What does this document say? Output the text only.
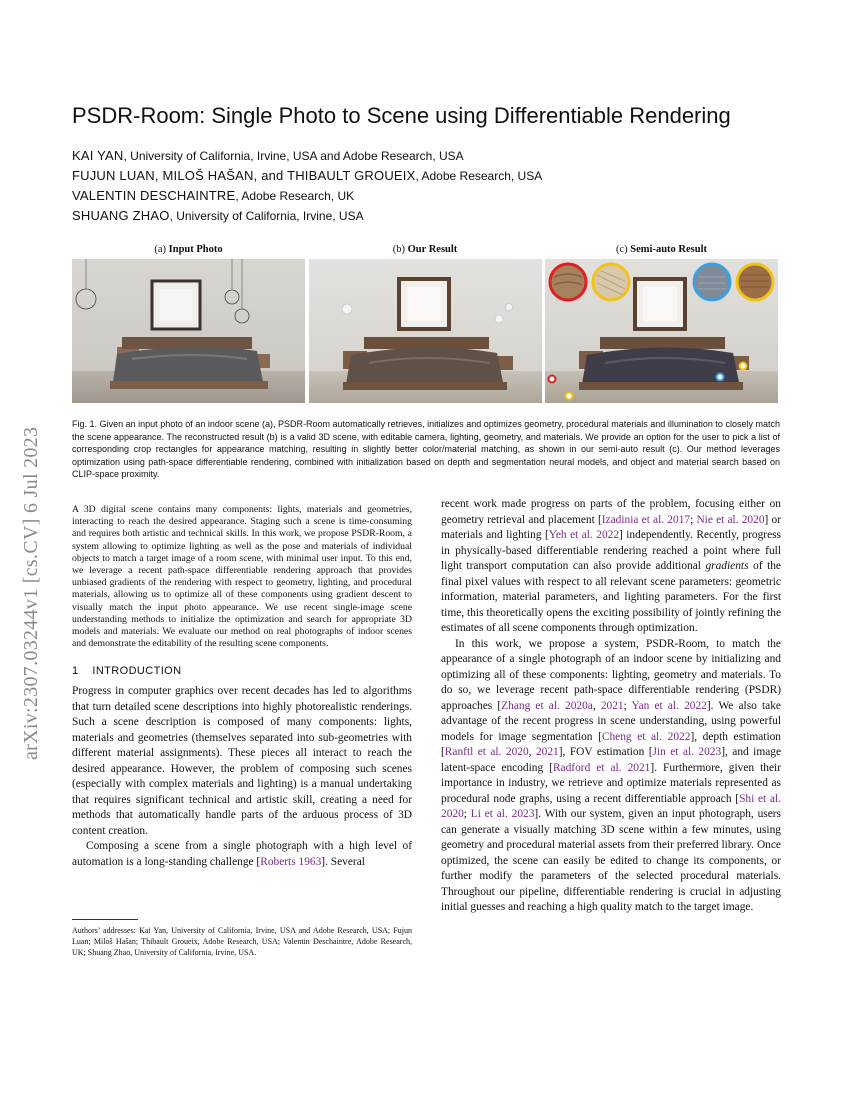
arXiv:2307.03244v1 [cs.CV] 6 Jul 2023
PSDR-Room: Single Photo to Scene using Differentiable Rendering
KAI YAN, University of California, Irvine, USA and Adobe Research, USA
FUJUN LUAN, MILOŠ HAŠAN, and THIBAULT GROUEIX, Adobe Research, USA
VALENTIN DESCHAINTRE, Adobe Research, UK
SHUANG ZHAO, University of California, Irvine, USA
(a) Input Photo	(b) Our Result	(c) Semi-auto Result
Fig. 1. Given an input photo of an indoor scene (a), PSDR-Room automatically retrieves, initializes and optimizes geometry, procedural materials and illumination to closely match the scene appearance. The reconstructed result (b) is a valid 3D scene, with editable camera, lighting, geometry, and materials. We provide an option for the user to pick a list of corresponding crop rectangles for appearance matching, resulting in slightly better color/material matching, as shown in our semi-auto result (c). Our method leverages optimization using path-space differentiable rendering, combined with initialization based on depth and segmentation neural models, and object and material search based on CLIP-space proximity.

A 3D digital scene contains many components: lights, materials and geometries, interacting to reach the desired appearance. Staging such a scene is time-consuming and requires both artistic and technical skills. In this work, we propose PSDR-Room, a system allowing to optimize lighting as well as the pose and materials of individual objects to match a target image of a room scene, with minimal user input. To this end, we leverage a recent path-space differentiable rendering approach that provides unbiased gradients of the rendering with respect to geometry, lighting, and procedural materials, allowing us to optimize all of these components using gradient descent to visually match the input photo appearance. We use recent single-image scene understanding methods to initialize the optimization and search for appropriate 3D models and materials. We evaluate our method on real photographs of indoor scenes and demonstrate the editability of the resulting scene components.

1 INTRODUCTION

Progress in computer graphics over recent decades has led to algorithms that turn detailed scene descriptions into highly photorealistic renderings. Such a scene description is composed of many components: lights, materials and geometries (themselves separated into sub-geometries with different material assignments). These pieces all interact to reach the desired appearance. However, the problem of composing such scenes (especially with complex materials and lighting) is a manual undertaking that requires significant technical and artistic skill, creating a need for methods that automatically handle parts of the arduous process of 3D content creation.

Composing a scene from a single photograph with a high level of automation is a long-standing challenge [Roberts 1963]. Several

recent work made progress on parts of the problem, focusing either on geometry retrieval and placement [Izadinia et al. 2017; Nie et al. 2020] or materials and lighting [Yeh et al. 2022] independently. Recently, progress in physically-based differentiable rendering reached a point where full light transport computation can also provide additional gradients of the final pixel values with respect to all relevant scene parameters: geometric information, material parameters, and lighting parameters. For the first time, this theoretically opens the exciting possibility of jointly refining the estimates of all scene components through optimization.

In this work, we propose a system, PSDR-Room, to match the appearance of a single photograph of an indoor scene by initializing and optimizing all of these components: lighting, geometry and materials. To do so, we leverage recent path-space differentiable rendering (PSDR) approaches [Zhang et al. 2020a, 2021; Yan et al. 2022]. We also take advantage of the recent progress in scene understanding, using powerful models for image segmentation [Cheng et al. 2022], depth estimation [Ranftl et al. 2020, 2021], FOV estimation [Jin et al. 2023], and image latent-space encoding [Radford et al. 2021]. Furthermore, given their importance in industry, we retrieve and optimize materials represented as procedural node graphs, using a recent differentiable approach [Shi et al. 2020; Li et al. 2023]. With our system, given an input photograph, users can generate a visually matching 3D scene within a few minutes, using geometry and procedural material assets from their preferred library. Once optimized, the scene can easily be edited to change its components, or further modify the parameters of the selected procedural materials. Throughout our pipeline, differentiable rendering is crucial in adjusting initial guesses and reaching a high quality match to the target image.

Authors’ addresses: Kai Yan, University of California, Irvine, USA and Adobe Research, USA; Fujun Luan; Miloš Hašan; Thibault Groueix, Adobe Research, USA; Valentin Deschaintre, Adobe Research, UK; Shuang Zhao, University of California, Irvine, USA.
